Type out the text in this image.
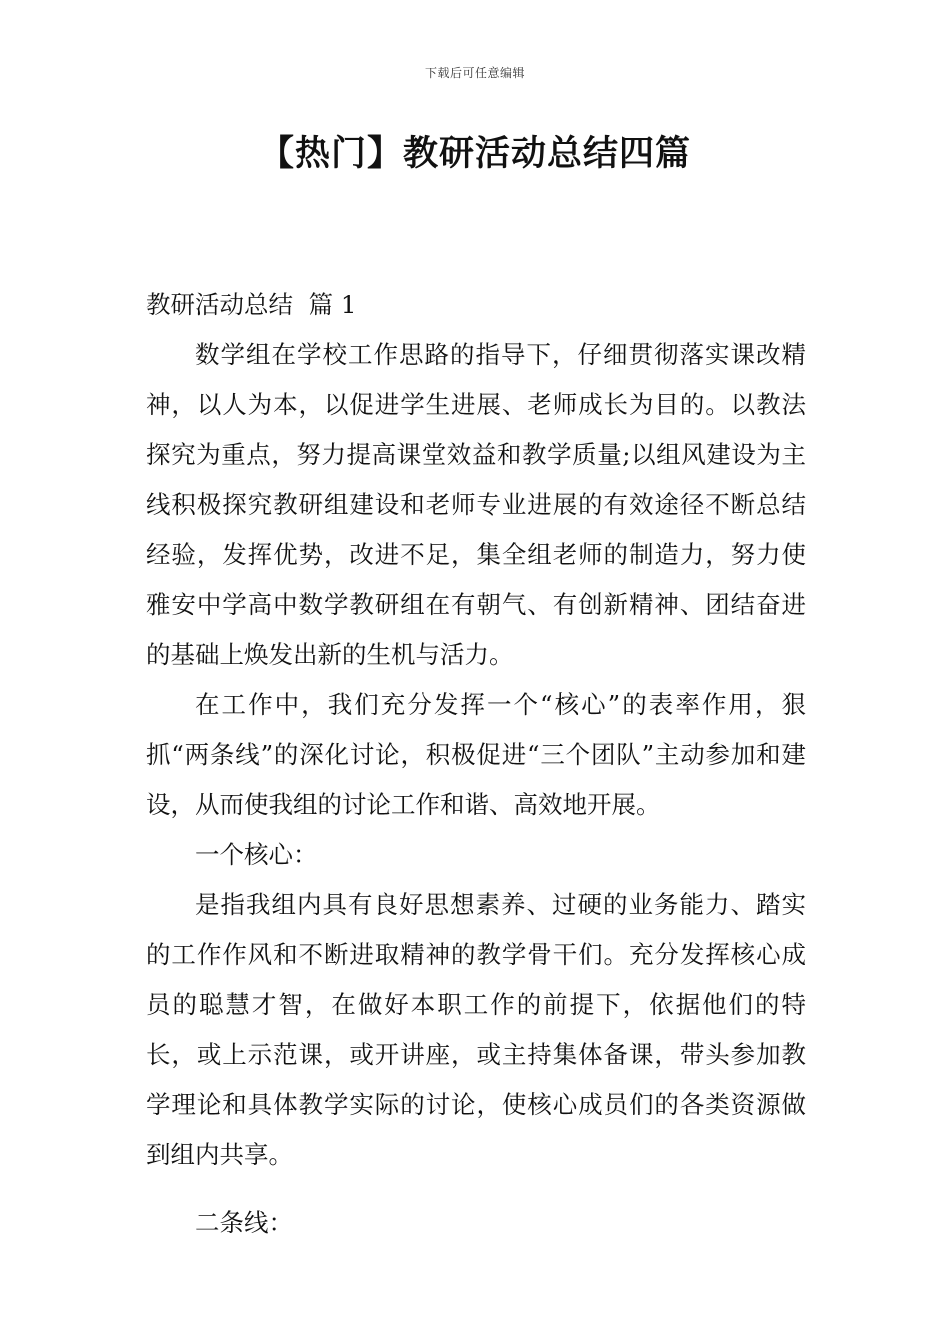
下载后可任意编辑
【热门】教研活动总结四篇

教研活动总结  篇 1

数学组在学校工作思路的指导下，仔细贯彻落实课改精神，以人为本，以促进学生进展、老师成长为目的。以教法探究为重点，努力提高课堂效益和教学质量;以组风建设为主线积极探究教研组建设和老师专业进展的有效途径不断总结经验，发挥优势，改进不足，集全组老师的制造力，努力使雅安中学高中数学教研组在有朝气、有创新精神、团结奋进的基础上焕发出新的生机与活力。

在工作中，我们充分发挥一个“核心”的表率作用，狠抓“两条线”的深化讨论，积极促进“三个团队”主动参加和建设，从而使我组的讨论工作和谐、高效地开展。

一个核心：

是指我组内具有良好思想素养、过硬的业务能力、踏实的工作作风和不断进取精神的教学骨干们。充分发挥核心成员的聪慧才智，在做好本职工作的前提下，依据他们的特长，或上示范课，或开讲座，或主持集体备课，带头参加教学理论和具体教学实际的讨论，使核心成员们的各类资源做到组内共享。

二条线：
